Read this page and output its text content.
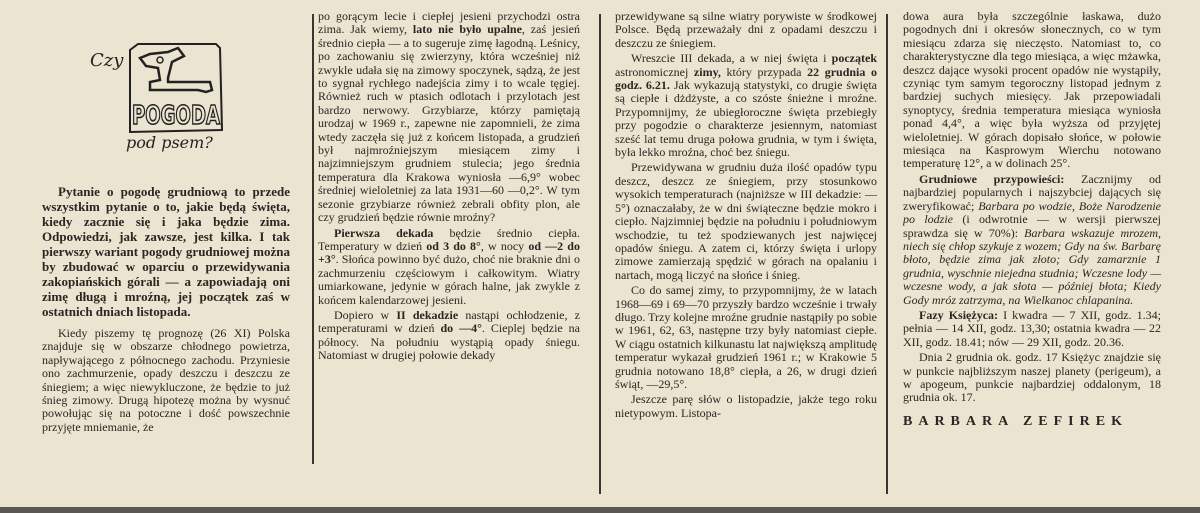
Czy
POGODA
pod psem?

Pytanie o pogodę grudniową to przede wszystkim pytanie o to, jakie będą święta, kiedy zacznie się i jaka będzie zima. Odpowiedzi, jak zawsze, jest kilka. I tak pierwszy wariant pogody grudniowej można by zbudować w oparciu o przewidywania zakopiańskich górali — a zapowiadają oni zimę długą i mroźną, jej początek zaś w ostatnich dniach listopada.

Kiedy piszemy tę prognozę (26 XI) Polska znajduje się w obszarze chłodnego powietrza, napływającego z północnego zachodu. Przyniesie ono zachmurzenie, opady deszczu i deszczu ze śniegiem; a więc niewykluczone, że będzie to już śnieg zimowy. Drugą hipotezę można by wysnuć powołując się na potoczne i dość powszechnie przyjęte mniemanie, że

po gorącym lecie i ciepłej jesieni przychodzi ostra zima. Jak wiemy, lato nie było upalne, zaś jesień średnio ciepła — a to sugeruje zimę łagodną. Leśnicy, po zachowaniu się zwierzyny, która wcześniej niż zwykle udała się na zimowy spoczynek, sądzą, że jest to sygnał rychłego nadejścia zimy i to wcale tęgiej. Również ruch w ptasich odlotach i przylotach jest bardzo nerwowy. Grzybiarze, którzy pamiętają urodzaj w 1969 r., zapewne nie zapomnieli, że zima wtedy zaczęła się już z końcem listopada, a grudzień był najmroźniejszym miesiącem zimy i najzimniejszym grudniem stulecia; jego średnia temperatura dla Krakowa wyniosła —6,9° wobec średniej wieloletniej za lata 1931—60 —0,2°. W tym sezonie grzybiarze również zebrali obfity plon, ale czy grudzień będzie równie mroźny?

Pierwsza dekada będzie średnio ciepła. Temperatury w dzień od 3 do 8°, w nocy od —2 do +3°. Słońca powinno być dużo, choć nie braknie dni o zachmurzeniu częściowym i całkowitym. Wiatry umiarkowane, jedynie w górach halne, jak zwykle z końcem kalendarzowej jesieni.

Dopiero w II dekadzie nastąpi ochłodzenie, z temperaturami w dzień do —4°. Cieplej będzie na północy. Na południu wystąpią opady śniegu. Natomiast w drugiej połowie dekady

przewidywane są silne wiatry porywiste w środkowej Polsce. Będą przeważały dni z opadami deszczu i deszczu ze śniegiem.

Wreszcie III dekada, a w niej święta i początek astronomicznej zimy, który przypada 22 grudnia o godz. 6.21. Jak wykazują statystyki, co drugie święta są ciepłe i dżdżyste, a co szóste śnieżne i mroźne. Przypomnijmy, że ubiegłoroczne święta przebiegły przy pogodzie o charakterze jesiennym, natomiast sześć lat temu druga połowa grudnia, w tym i święta, była lekko mroźna, choć bez śniegu.

Przewidywana w grudniu duża ilość opadów typu deszcz, deszcz ze śniegiem, przy stosunkowo wysokich temperaturach (najniższe w III dekadzie: —5°) oznaczałaby, że w dni świąteczne będzie mokro i ciepło. Najzimniej będzie na południu i południowym wschodzie, tu też spodziewanych jest najwięcej opadów śniegu. A zatem ci, którzy święta i urlopy zimowe zamierzają spędzić w górach na opalaniu i nartach, mogą liczyć na słońce i śnieg.

Co do samej zimy, to przypomnijmy, że w latach 1968—69 i 69—70 przyszły bardzo wcześnie i trwały długo. Trzy kolejne mroźne grudnie nastąpiły po sobie w 1961, 62, 63, następne trzy były natomiast ciepłe. W ciągu ostatnich kilkunastu lat największą amplitudę temperatur wykazał grudzień 1961 r.; w Krakowie 5 grudnia notowano 18,8° ciepła, a 26, w drugi dzień świąt, —29,5°.

Jeszcze parę słów o listopadzie, jakże tego roku nietypowym. Listopa-

dowa aura była szczególnie łaskawa, dużo pogodnych dni i okresów słonecznych, co w tym miesiącu zdarza się nieczęsto. Natomiast to, co charakterystyczne dla tego miesiąca, a więc mżawka, deszcz dające wysoki procent opadów nie wystąpiły, czyniąc tym samym tegoroczny listopad jednym z bardziej suchych miesięcy. Jak przepowiadali synoptycy, średnia temperatura miesiąca wyniosła ponad 4,4°, a więc była wyższa od przyjętej wieloletniej. W górach dopisało słońce, w połowie miesiąca na Kasprowym Wierchu notowano temperaturę 12°, a w dolinach 25°.

Grudniowe przypowieści: Zacznijmy od najbardziej popularnych i najszybciej dających się zweryfikować; Barbara po wodzie, Boże Narodzenie po lodzie (i odwrotnie — w wersji pierwszej sprawdza się w 70%): Barbara wskazuje mrozem, niech się chłop szykuje z wozem; Gdy na św. Barbarę błoto, będzie zima jak złoto; Gdy zamarznie 1 grudnia, wyschnie niejedna studnia; Wczesne lody — wczesne wody, a jak słota — później błota; Kiedy Gody mróz zatrzyma, na Wielkanoc chlapanina.

Fazy Księżyca: I kwadra — 7 XII, godz. 1.34; pełnia — 14 XII, godz. 13,30; ostatnia kwadra — 22 XII, godz. 18.41; nów — 29 XII, godz. 20.36.

Dnia 2 grudnia ok. godz. 17 Księżyc znajdzie się w punkcie najbliższym naszej planety (perigeum), a w apogeum, punkcie najbardziej oddalonym, 18 grudnia ok. 17.

BARBARA ZEFIREK
